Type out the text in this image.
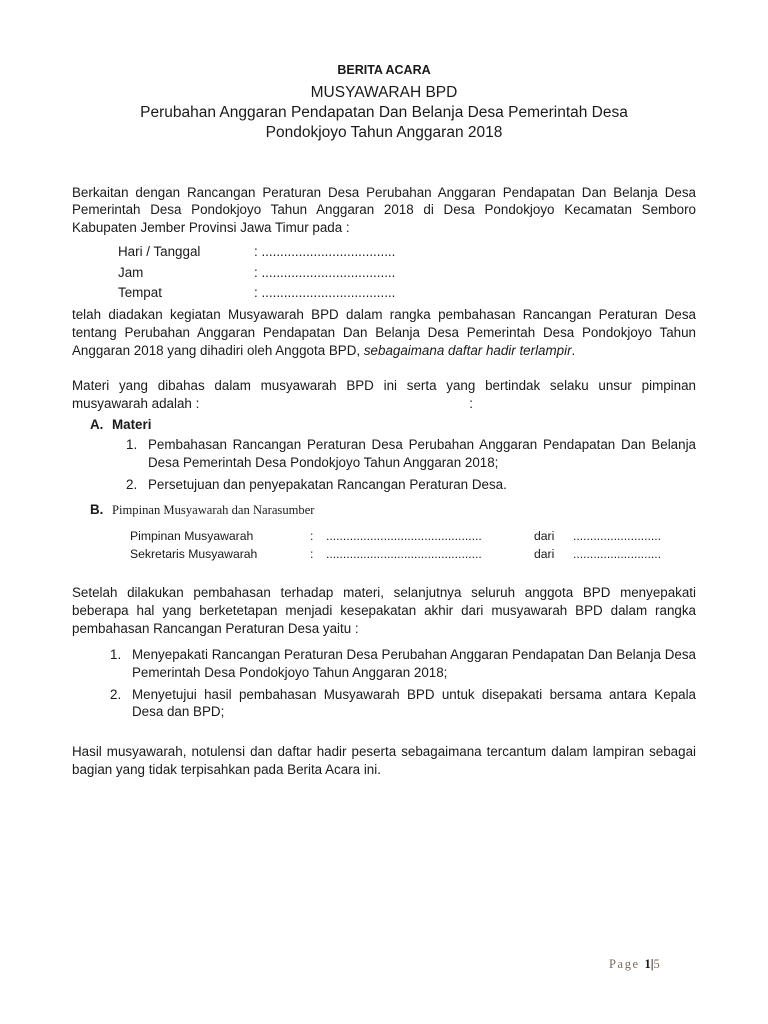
BERITA ACARA
MUSYAWARAH BPD
Perubahan Anggaran Pendapatan Dan Belanja Desa Pemerintah Desa
Pondokjoyo Tahun Anggaran 2018

Berkaitan dengan Rancangan Peraturan Desa Perubahan Anggaran Pendapatan Dan Belanja Desa Pemerintah Desa Pondokjoyo Tahun Anggaran 2018 di Desa Pondokjoyo Kecamatan Semboro Kabupaten Jember Provinsi Jawa Timur pada :

Hari / Tanggal	: ....................................
Jam	: ....................................
Tempat	: ....................................

telah diadakan kegiatan Musyawarah BPD dalam rangka pembahasan Rancangan Peraturan Desa tentang Perubahan Anggaran Pendapatan Dan Belanja Desa Pemerintah Desa Pondokjoyo Tahun Anggaran 2018 yang dihadiri oleh Anggota BPD, sebagaimana daftar hadir terlampir.

Materi yang dibahas dalam musyawarah BPD ini serta yang bertindak selaku unsur pimpinan musyawarah adalah :	:

A. Materi
1. Pembahasan Rancangan Peraturan Desa Perubahan Anggaran Pendapatan Dan Belanja Desa Pemerintah Desa Pondokjoyo Tahun Anggaran 2018;
2. Persetujuan dan penyepakatan Rancangan Peraturan Desa.
B. Pimpinan Musyawarah dan Narasumber
Pimpinan Musyawarah	:	..............................................	dari	..........................
Sekretaris Musyawarah	:	..............................................	dari	..........................

Setelah dilakukan pembahasan terhadap materi, selanjutnya seluruh anggota BPD menyepakati beberapa hal yang berketetapan menjadi kesepakatan akhir dari musyawarah BPD dalam rangka pembahasan Rancangan Peraturan Desa yaitu :

1. Menyepakati Rancangan Peraturan Desa Perubahan Anggaran Pendapatan Dan Belanja Desa Pemerintah Desa Pondokjoyo Tahun Anggaran 2018;
2. Menyetujui hasil pembahasan Musyawarah BPD untuk disepakati bersama antara Kepala Desa dan BPD;

Hasil musyawarah, notulensi dan daftar hadir peserta sebagaimana tercantum dalam lampiran sebagai bagian yang tidak terpisahkan pada Berita Acara ini.

Page 1|5
